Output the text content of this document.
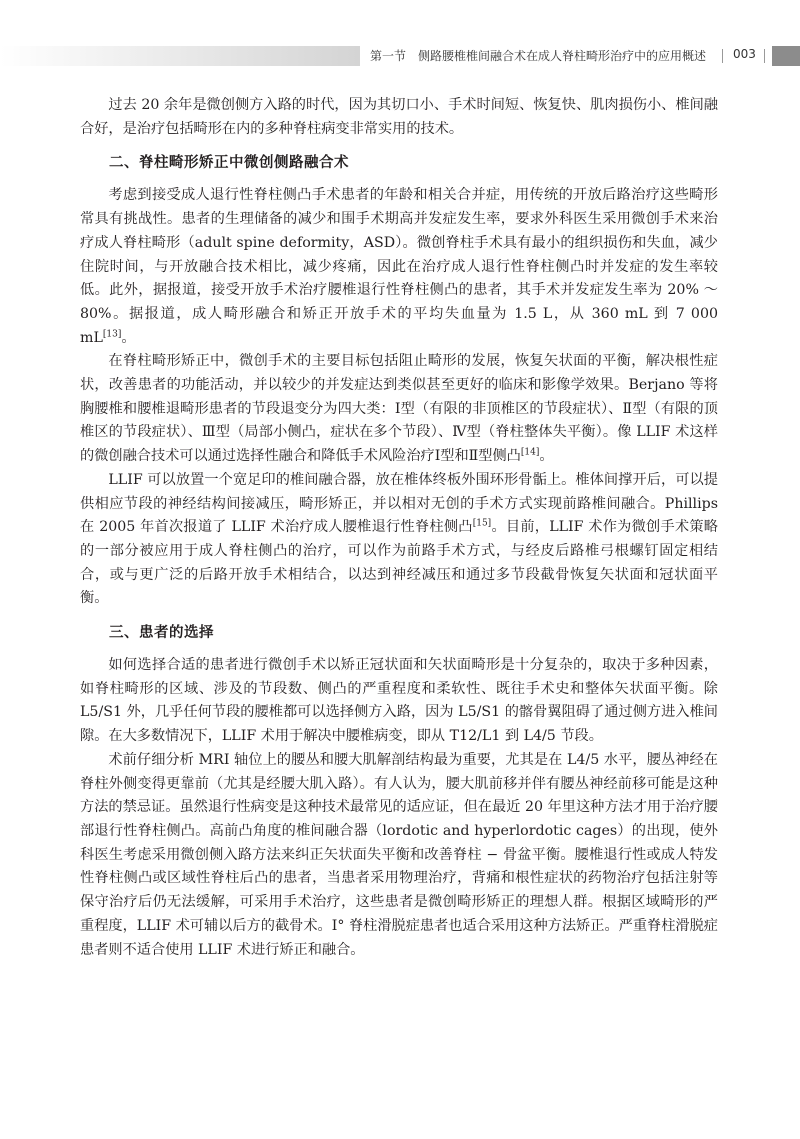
第一节　侧路腰椎椎间融合术在成人脊柱畸形治疗中的应用概述 003

过去 20 余年是微创侧方入路的时代，因为其切口小、手术时间短、恢复快、肌肉损伤小、椎间融合好，是治疗包括畸形在内的多种脊柱病变非常实用的技术。

二、脊柱畸形矫正中微创侧路融合术

考虑到接受成人退行性脊柱侧凸手术患者的年龄和相关合并症，用传统的开放后路治疗这些畸形常具有挑战性。患者的生理储备的减少和围手术期高并发症发生率，要求外科医生采用微创手术来治疗成人脊柱畸形（adult spine deformity，ASD）。微创脊柱手术具有最小的组织损伤和失血，减少住院时间，与开放融合技术相比，减少疼痛，因此在治疗成人退行性脊柱侧凸时并发症的发生率较低。此外，据报道，接受开放手术治疗腰椎退行性脊柱侧凸的患者，其手术并发症发生率为 20% ～ 80%。据报道，成人畸形融合和矫正开放手术的平均失血量为 1.5 L，从 360 mL 到 7 000 mL[13]。

在脊柱畸形矫正中，微创手术的主要目标包括阻止畸形的发展，恢复矢状面的平衡，解决根性症状，改善患者的功能活动，并以较少的并发症达到类似甚至更好的临床和影像学效果。Berjano 等将胸腰椎和腰椎退畸形患者的节段退变分为四大类：Ⅰ型（有限的非顶椎区的节段症状）、Ⅱ型（有限的顶椎区的节段症状）、Ⅲ型（局部小侧凸，症状在多个节段）、Ⅳ型（脊柱整体失平衡）。像 LLIF 术这样的微创融合技术可以通过选择性融合和降低手术风险治疗Ⅰ型和Ⅱ型侧凸[14]。

LLIF 可以放置一个宽足印的椎间融合器，放在椎体终板外围环形骨骺上。椎体间撑开后，可以提供相应节段的神经结构间接减压，畸形矫正，并以相对无创的手术方式实现前路椎间融合。Phillips 在 2005 年首次报道了 LLIF 术治疗成人腰椎退行性脊柱侧凸[15]。目前，LLIF 术作为微创手术策略的一部分被应用于成人脊柱侧凸的治疗，可以作为前路手术方式，与经皮后路椎弓根螺钉固定相结合，或与更广泛的后路开放手术相结合，以达到神经减压和通过多节段截骨恢复矢状面和冠状面平衡。

三、患者的选择

如何选择合适的患者进行微创手术以矫正冠状面和矢状面畸形是十分复杂的，取决于多种因素，如脊柱畸形的区域、涉及的节段数、侧凸的严重程度和柔软性、既往手术史和整体矢状面平衡。除 L5/S1 外，几乎任何节段的腰椎都可以选择侧方入路，因为 L5/S1 的髂骨翼阻碍了通过侧方进入椎间隙。在大多数情况下，LLIF 术用于解决中腰椎病变，即从 T12/L1 到 L4/5 节段。

术前仔细分析 MRI 轴位上的腰丛和腰大肌解剖结构最为重要，尤其是在 L4/5 水平，腰丛神经在脊柱外侧变得更靠前（尤其是经腰大肌入路）。有人认为，腰大肌前移并伴有腰丛神经前移可能是这种方法的禁忌证。虽然退行性病变是这种技术最常见的适应证，但在最近 20 年里这种方法才用于治疗腰部退行性脊柱侧凸。高前凸角度的椎间融合器（lordotic and hyperlordotic cages）的出现，使外科医生考虑采用微创侧入路方法来纠正矢状面失平衡和改善脊柱 − 骨盆平衡。腰椎退行性或成人特发性脊柱侧凸或区域性脊柱后凸的患者，当患者采用物理治疗，背痛和根性症状的药物治疗包括注射等保守治疗后仍无法缓解，可采用手术治疗，这些患者是微创畸形矫正的理想人群。根据区域畸形的严重程度，LLIF 术可辅以后方的截骨术。Ⅰ° 脊柱滑脱症患者也适合采用这种方法矫正。严重脊柱滑脱症患者则不适合使用 LLIF 术进行矫正和融合。
